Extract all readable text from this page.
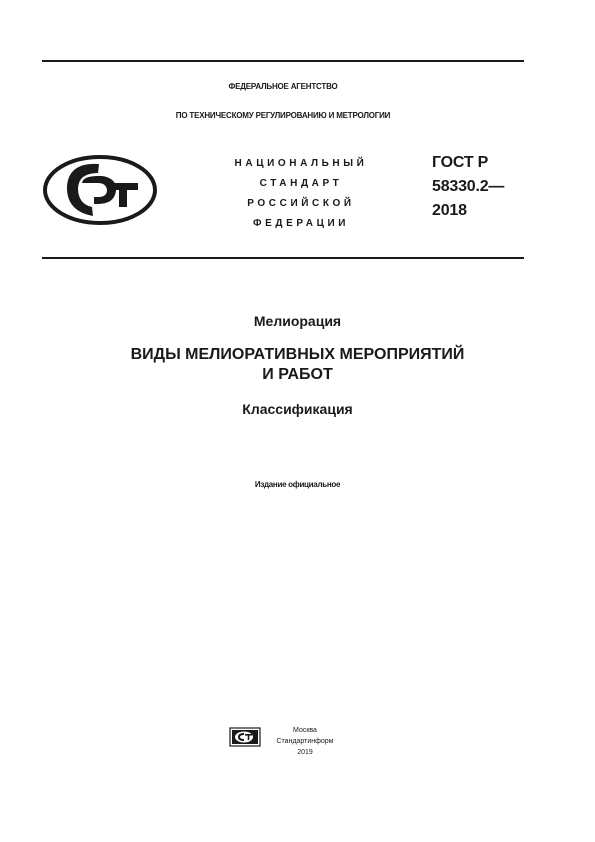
ФЕДЕРАЛЬНОЕ АГЕНТСТВО
ПО ТЕХНИЧЕСКОМУ РЕГУЛИРОВАНИЮ И МЕТРОЛОГИИ
НАЦИОНАЛЬНЫЙ
СТАНДАРТ
РОССИЙСКОЙ
ФЕДЕРАЦИИ
ГОСТ Р
58330.2—
2018
Мелиорация
ВИДЫ МЕЛИОРАТИВНЫХ МЕРОПРИЯТИЙ
И РАБОТ
Классификация
Издание официальное
Москва
Стандартинформ
2019
